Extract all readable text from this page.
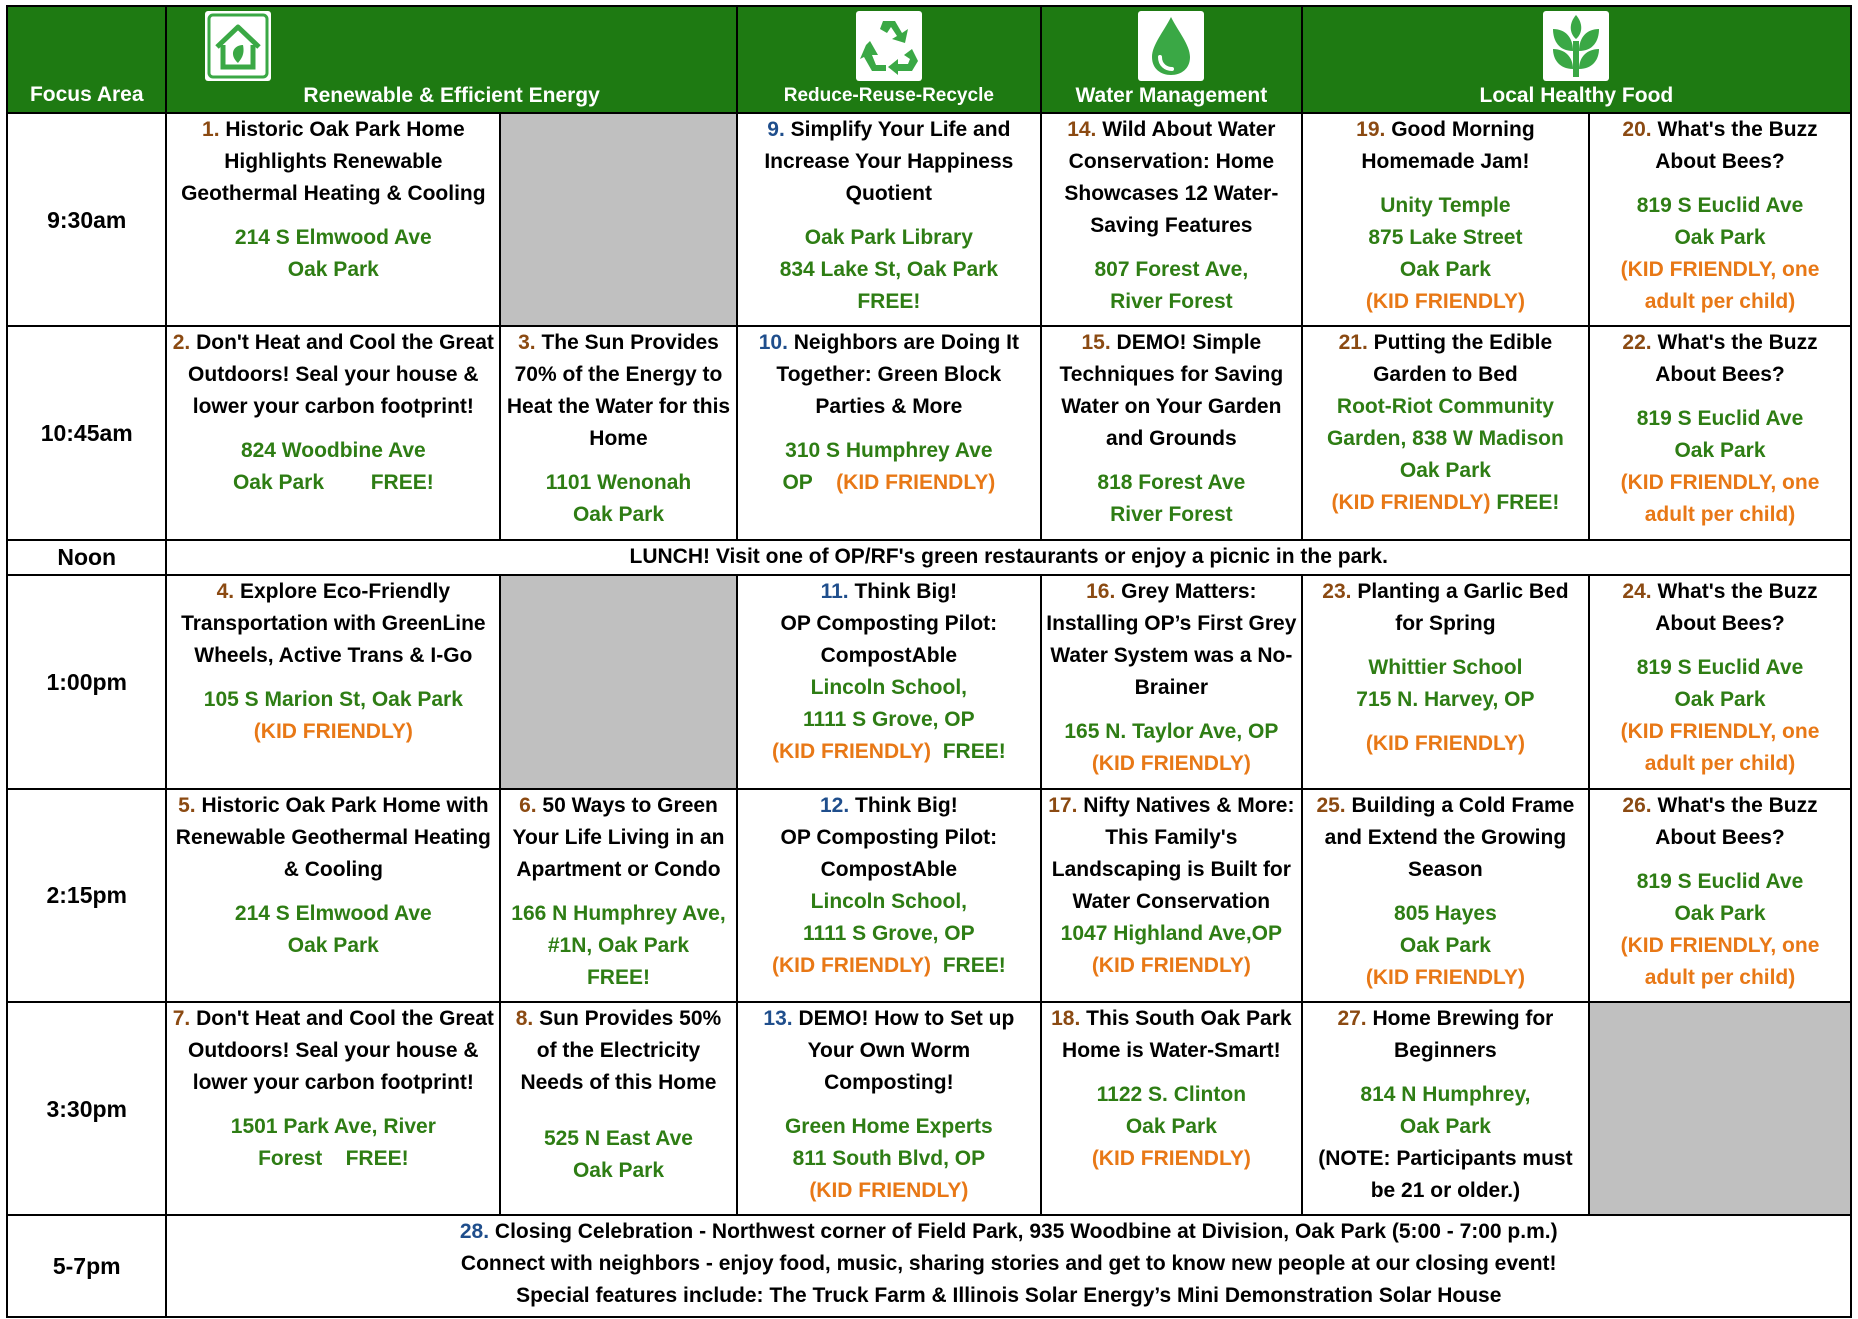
Focus Area	Renewable & Efficient Energy		Reduce-Reuse-Recycle	Water Management	Local Healthy Food	

9:30am	1. Historic Oak Park Home Highlights Renewable Geothermal Heating & Cooling
214 S Elmwood Ave
Oak Park		9. Simplify Your Life and Increase Your Happiness Quotient
Oak Park Library
834 Lake St, Oak Park
FREE!	14. Wild About Water Conservation: Home Showcases 12 Water-Saving Features
807 Forest Ave,
River Forest	19. Good Morning Homemade Jam!
Unity Temple
875 Lake Street
Oak Park
(KID FRIENDLY)	20. What's the Buzz About Bees?
819 S Euclid Ave
Oak Park
(KID FRIENDLY, one adult per child)
10:45am	2. Don't Heat and Cool the Great Outdoors! Seal your house & lower your carbon footprint!
824 Woodbine Ave
Oak Park FREE!	3. The Sun Provides 70% of the Energy to Heat the Water for this Home
1101 Wenonah
Oak Park	10. Neighbors are Doing It Together: Green Block Parties & More
310 S Humphrey Ave
OP (KID FRIENDLY)	15. DEMO! Simple Techniques for Saving Water on Your Garden and Grounds
818 Forest Ave
River Forest	21. Putting the Edible Garden to Bed
Root-Riot Community Garden, 838 W Madison Oak Park
(KID FRIENDLY) FREE!	22. What's the Buzz About Bees?
819 S Euclid Ave
Oak Park
(KID FRIENDLY, one adult per child)
Noon	LUNCH! Visit one of OP/RF's green restaurants or enjoy a picnic in the park.					
1:00pm	4. Explore Eco-Friendly Transportation with GreenLine Wheels, Active Trans & I-Go
105 S Marion St, Oak Park
(KID FRIENDLY)		11. Think Big!
OP Composting Pilot: CompostAble
Lincoln School,
1111 S Grove, OP
(KID FRIENDLY) FREE!	16. Grey Matters: Installing OP’s First Grey Water System was a No-Brainer
165 N. Taylor Ave, OP
(KID FRIENDLY)	23. Planting a Garlic Bed for Spring
Whittier School
715 N. Harvey, OP
(KID FRIENDLY)	24. What's the Buzz About Bees?
819 S Euclid Ave
Oak Park
(KID FRIENDLY, one adult per child)
2:15pm	5. Historic Oak Park Home with Renewable Geothermal Heating & Cooling
214 S Elmwood Ave
Oak Park	6. 50 Ways to Green Your Life Living in an Apartment or Condo
166 N Humphrey Ave, #1N, Oak Park
FREE!	12. Think Big!
OP Composting Pilot: CompostAble
Lincoln School,
1111 S Grove, OP
(KID FRIENDLY) FREE!	17. Nifty Natives & More: This Family's Landscaping is Built for Water Conservation
1047 Highland Ave,OP
(KID FRIENDLY)	25. Building a Cold Frame and Extend the Growing Season
805 Hayes
Oak Park
(KID FRIENDLY)	26. What's the Buzz About Bees?
819 S Euclid Ave
Oak Park
(KID FRIENDLY, one adult per child)
3:30pm	7. Don't Heat and Cool the Great Outdoors! Seal your house & lower your carbon footprint!
1501 Park Ave, River Forest FREE!	8. Sun Provides 50% of the Electricity Needs of this Home
525 N East Ave
Oak Park	13. DEMO! How to Set up Your Own Worm Composting!
Green Home Experts
811 South Blvd, OP
(KID FRIENDLY)	18. This South Oak Park Home is Water-Smart!
1122 S. Clinton
Oak Park
(KID FRIENDLY)	27. Home Brewing for Beginners
814 N Humphrey,
Oak Park
(NOTE: Participants must be 21 or older.)	
5-7pm	28. Closing Celebration - Northwest corner of Field Park, 935 Woodbine at Division, Oak Park (5:00 - 7:00 p.m.)
Connect with neighbors - enjoy food, music, sharing stories and get to know new people at our closing event!
Special features include: The Truck Farm & Illinois Solar Energy’s Mini Demonstration Solar House					
